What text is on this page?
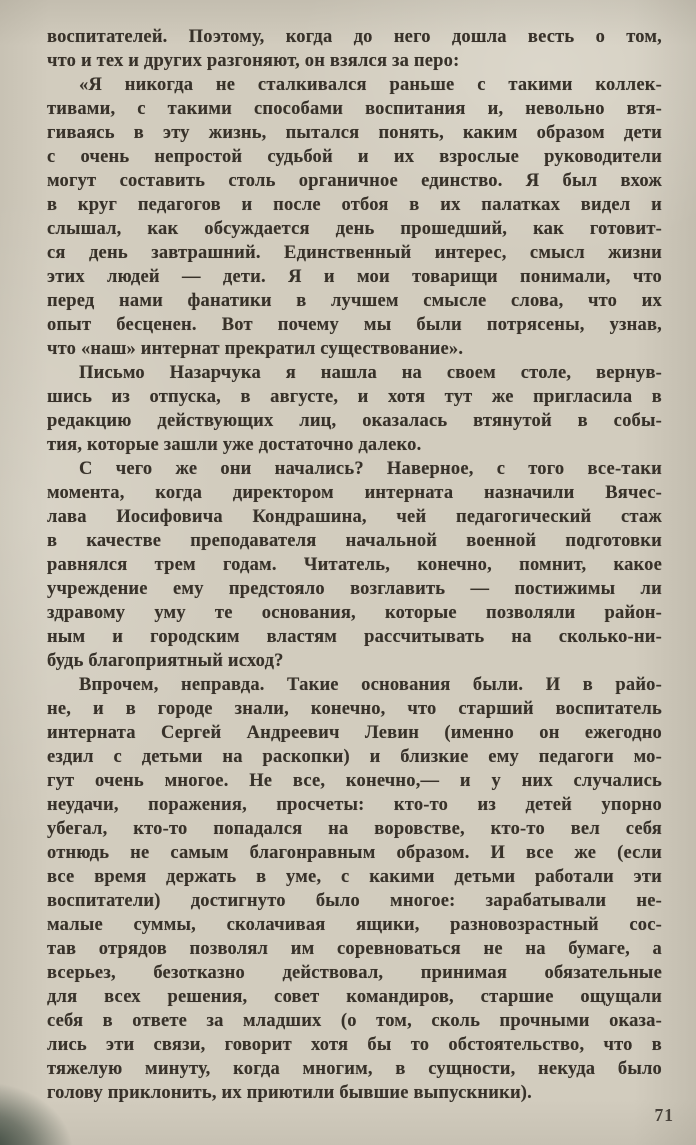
воспитателей. Поэтому, когда до него дошла весть о том,
что и тех и других разгоняют, он взялся за перо:
«Я никогда не сталкивался раньше с такими коллек-
тивами, с такими способами воспитания и, невольно втя-
гиваясь в эту жизнь, пытался понять, каким образом дети
с очень непростой судьбой и их взрослые руководители
могут составить столь органичное единство. Я был вхож
в круг педагогов и после отбоя в их палатках видел и
слышал, как обсуждается день прошедший, как готовит-
ся день завтрашний. Единственный интерес, смысл жизни
этих людей — дети. Я и мои товарищи понимали, что
перед нами фанатики в лучшем смысле слова, что их
опыт бесценен. Вот почему мы были потрясены, узнав,
что «наш» интернат прекратил существование».
Письмо Назарчука я нашла на своем столе, вернув-
шись из отпуска, в августе, и хотя тут же пригласила в
редакцию действующих лиц, оказалась втянутой в собы-
тия, которые зашли уже достаточно далеко.
С чего же они начались? Наверное, с того все-таки
момента, когда директором интерната назначили Вячес-
лава Иосифовича Кондрашина, чей педагогический стаж
в качестве преподавателя начальной военной подготовки
равнялся трем годам. Читатель, конечно, помнит, какое
учреждение ему предстояло возглавить — постижимы ли
здравому уму те основания, которые позволяли район-
ным и городским властям рассчитывать на сколько-ни-
будь благоприятный исход?
Впрочем, неправда. Такие основания были. И в райо-
не, и в городе знали, конечно, что старший воспитатель
интерната Сергей Андреевич Левин (именно он ежегодно
ездил с детьми на раскопки) и близкие ему педагоги мо-
гут очень многое. Не все, конечно,— и у них случались
неудачи, поражения, просчеты: кто-то из детей упорно
убегал, кто-то попадался на воровстве, кто-то вел себя
отнюдь не самым благонравным образом. И все же (если
все время держать в уме, с какими детьми работали эти
воспитатели) достигнуто было многое: зарабатывали не-
малые суммы, сколачивая ящики, разновозрастный сос-
тав отрядов позволял им соревноваться не на бумаге, а
всерьез, безотказно действовал, принимая обязательные
для всех решения, совет командиров, старшие ощущали
себя в ответе за младших (о том, сколь прочными оказа-
лись эти связи, говорит хотя бы то обстоятельство, что в
тяжелую минуту, когда многим, в сущности, некуда было
голову приклонить, их приютили бывшие выпускники).
71
